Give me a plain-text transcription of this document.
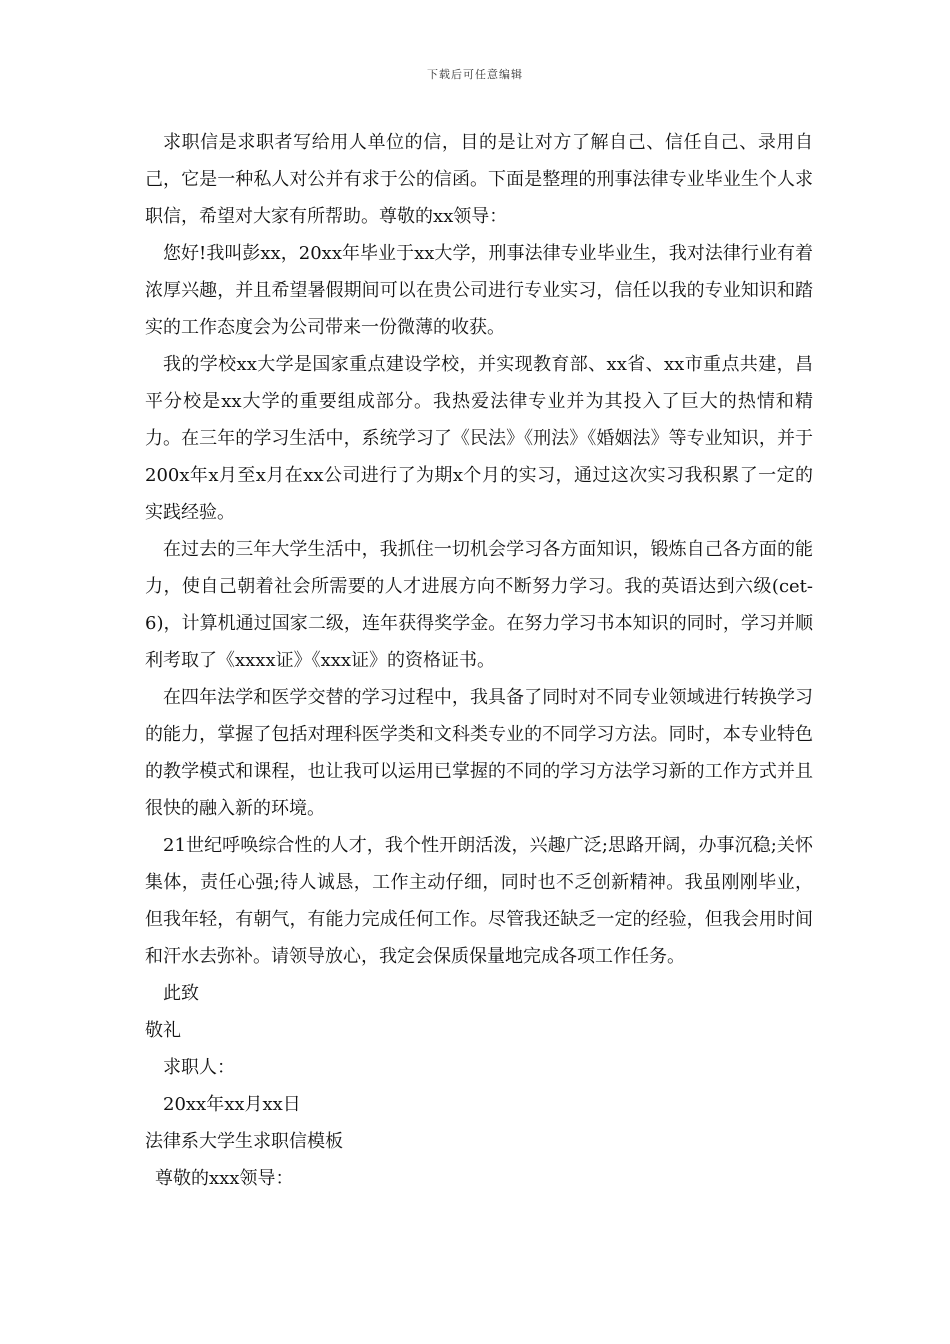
下载后可任意编辑

求职信是求职者写给用人单位的信，目的是让对方了解自己、信任自己、录用自己，它是一种私人对公并有求于公的信函。下面是整理的刑事法律专业毕业生个人求职信，希望对大家有所帮助。尊敬的xx领导：

您好!我叫彭xx，20xx年毕业于xx大学，刑事法律专业毕业生，我对法律行业有着浓厚兴趣，并且希望暑假期间可以在贵公司进行专业实习，信任以我的专业知识和踏实的工作态度会为公司带来一份微薄的收获。

我的学校xx大学是国家重点建设学校，并实现教育部、xx省、xx市重点共建，昌平分校是xx大学的重要组成部分。我热爱法律专业并为其投入了巨大的热情和精力。在三年的学习生活中，系统学习了《民法》《刑法》《婚姻法》等专业知识，并于200x年x月至x月在xx公司进行了为期x个月的实习，通过这次实习我积累了一定的实践经验。

在过去的三年大学生活中，我抓住一切机会学习各方面知识，锻炼自己各方面的能力，使自己朝着社会所需要的人才进展方向不断努力学习。我的英语达到六级(cet-6)，计算机通过国家二级，连年获得奖学金。在努力学习书本知识的同时，学习并顺利考取了《xxxx证》《xxx证》的资格证书。

在四年法学和医学交替的学习过程中，我具备了同时对不同专业领域进行转换学习的能力，掌握了包括对理科医学类和文科类专业的不同学习方法。同时，本专业特色的教学模式和课程，也让我可以运用已掌握的不同的学习方法学习新的工作方式并且很快的融入新的环境。

21世纪呼唤综合性的人才，我个性开朗活泼，兴趣广泛;思路开阔，办事沉稳;关怀集体，责任心强;待人诚恳，工作主动仔细，同时也不乏创新精神。我虽刚刚毕业，但我年轻，有朝气，有能力完成任何工作。尽管我还缺乏一定的经验，但我会用时间和汗水去弥补。请领导放心，我定会保质保量地完成各项工作任务。

此致

敬礼

求职人：

20xx年xx月xx日

法律系大学生求职信模板

尊敬的xxx领导：
